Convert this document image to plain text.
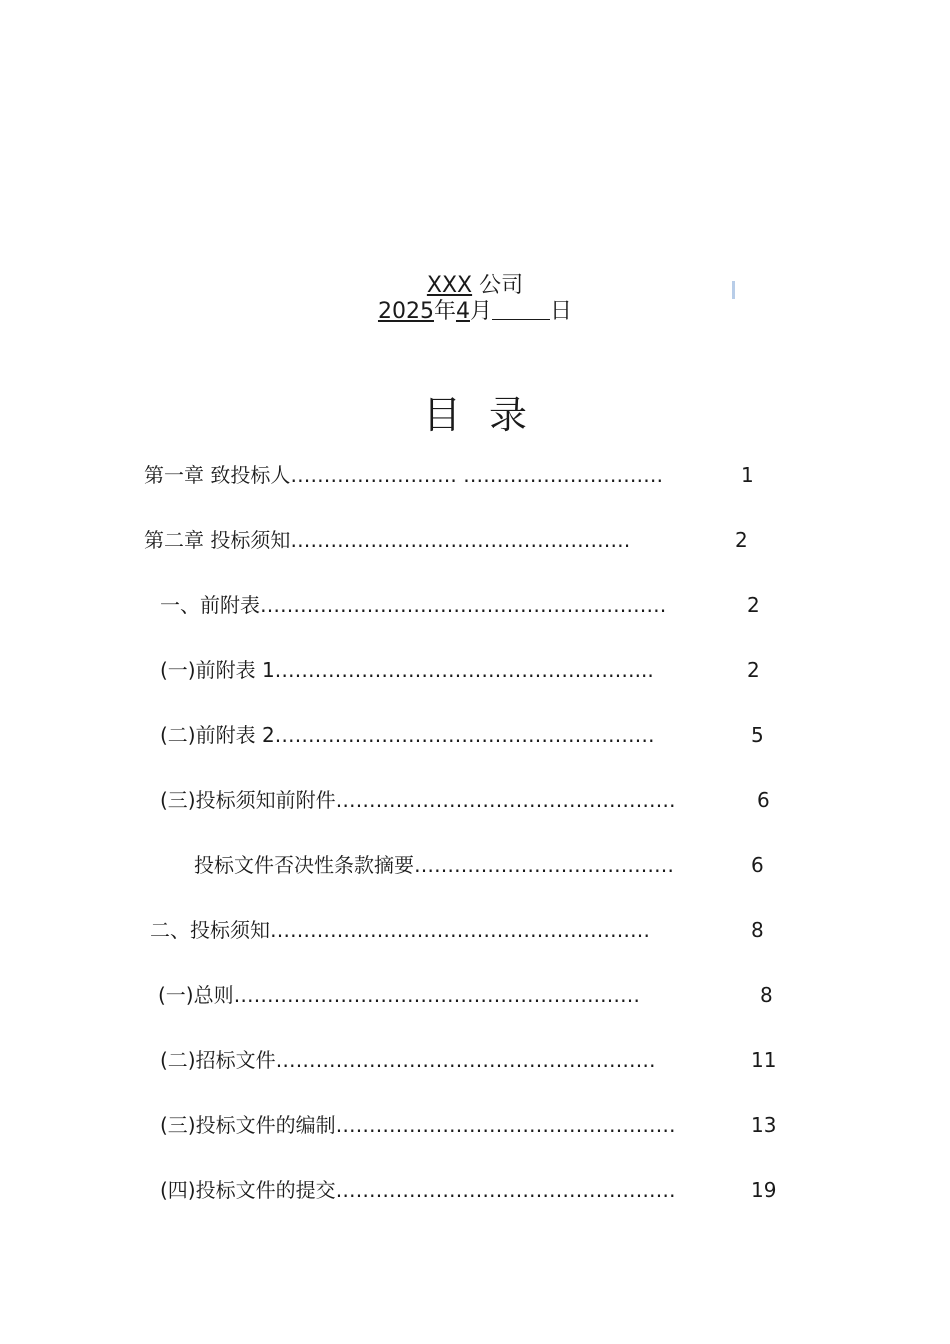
XXX 公司
2025年4月	日
目录
第一章 致投标人……………………. …………………………	1
第二章 投标须知……………………………………………	2
一、前附表…………………………………………….………	2
(一)前附表 1………………………………………………...	2
(二)前附表 2…………………………………………………	5
(三)投标须知前附件……………………………………………	6
投标文件否决性条款摘要…………………………………	6
二、投标须知…………………………………………………	8
(一)总则……………………………………………….……	8
(二)招标文件…………………………………………………	11
(三)投标文件的编制……………………………………………	13
(四)投标文件的提交……………………………………………	19
